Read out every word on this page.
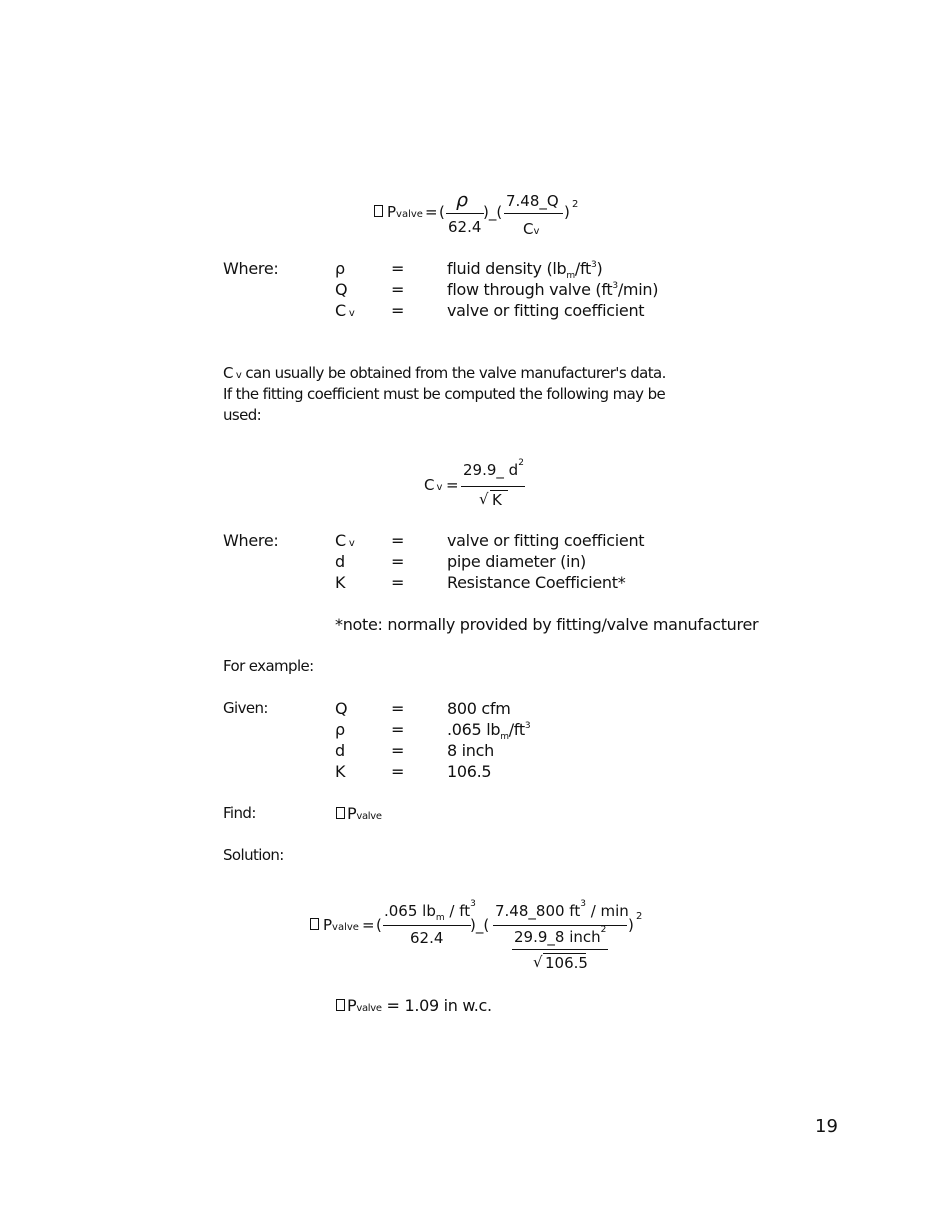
Pvalve = (
ρ
62.4
)_(
7.48_Q
Cv
) 2
Where:	ρ	=	fluid density $(lb_m/ft^3)$
Q	=	flow through valve $(ft^3/\min)$
Cv =	valve or fitting coefficient
Cv can usually be obtained from the valve manufacturer's data.
If the fitting coefficient must be computed the following may be
used:
Cv =
29.9_ $d^2$
√ K
Where:	Cv =	valve or fitting coefficient
d	=	pipe diameter (in)
K	=	Resistance Coefficient*
*note: normally provided by fitting/valve manufacturer
For example:
Given:	Q	=	800 cfm
ρ	=	.065 $lb_m/ft^3$
d	=	8 inch
K	=	106.5
Find:	Pvalve
Solution:
Pvalve = (
.065 $lb_m / ft^3$
62.4
)_(
7.48_800 $ft^3$ / min
29.9_8 inch$^2$
√ 106.5
) 2
Pvalve = 1.09 in w.c.
19
